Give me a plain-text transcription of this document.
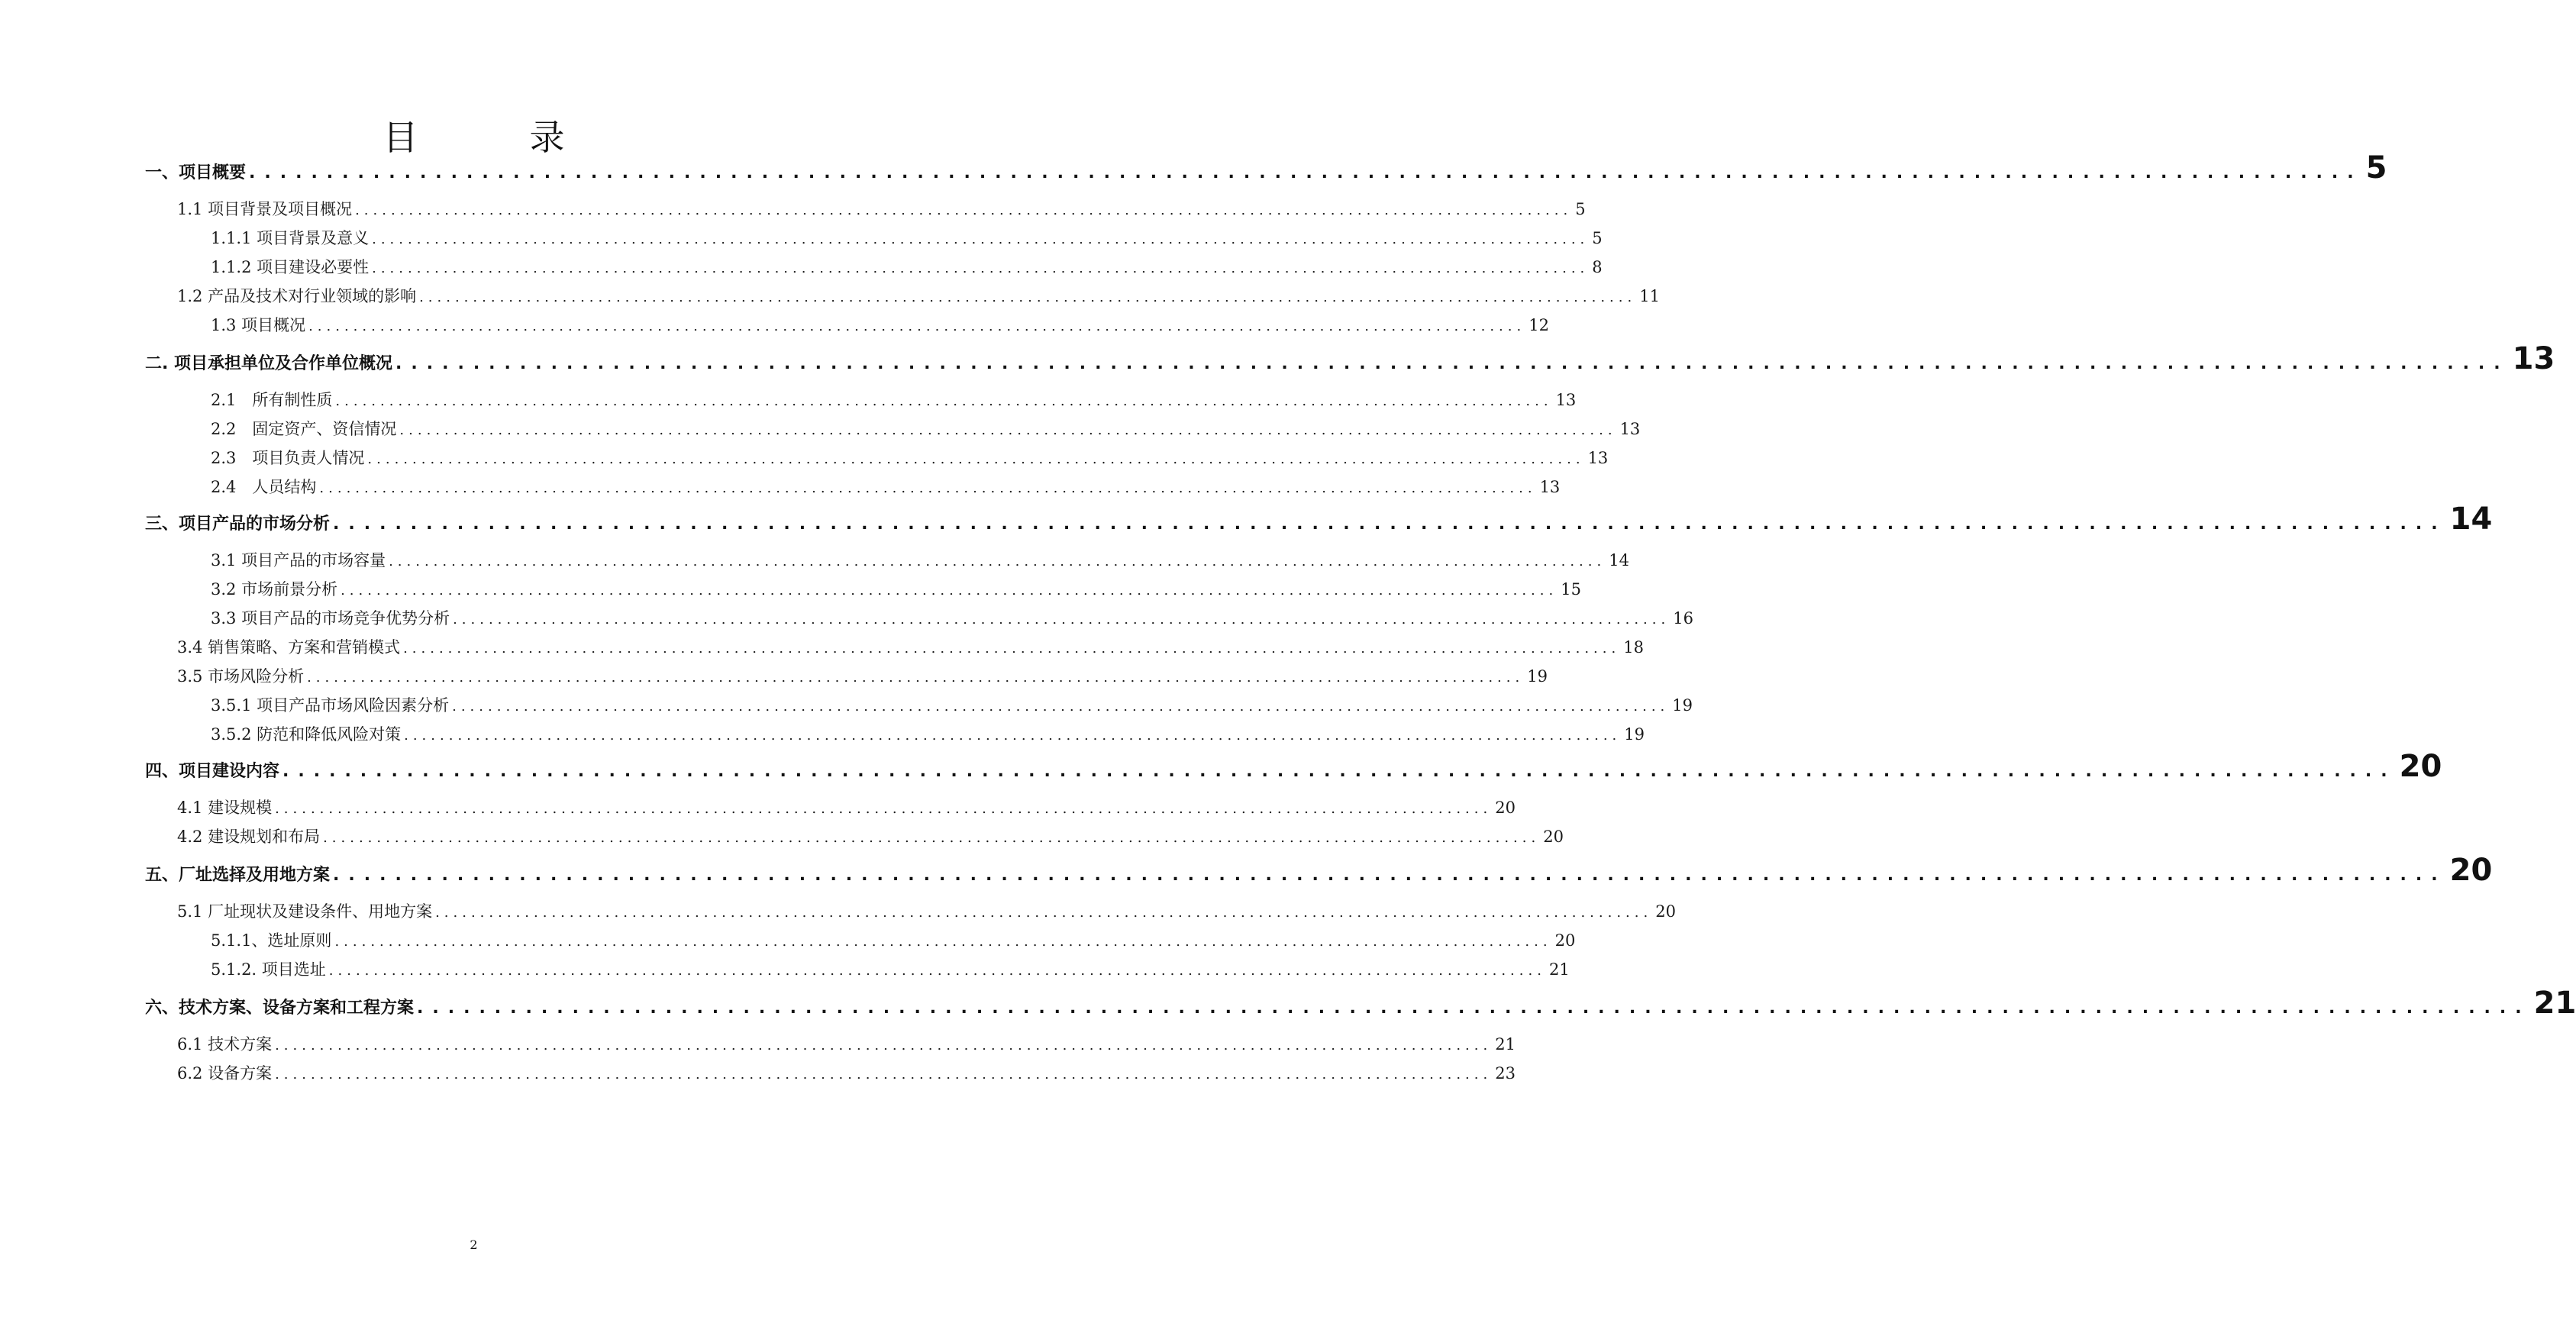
目　录
一、项目概要 ........................................................................................................................................ 5
1.1 项目背景及项目概况 ........................................................................................................................................ 5
1.1.1 项目背景及意义 ........................................................................................................................................ 5
1.1.2 项目建设必要性 ........................................................................................................................................ 8
1.2 产品及技术对行业领域的影响 ........................................................................................................................................ 11
1.3 项目概况 ........................................................................................................................................ 12
二. 项目承担单位及合作单位概况 ........................................................................................................................................ 13
2.1　所有制性质 ........................................................................................................................................ 13
2.2　固定资产、资信情况 ........................................................................................................................................ 13
2.3　项目负责人情况 ........................................................................................................................................ 13
2.4　人员结构 ........................................................................................................................................ 13
三、项目产品的市场分析 ........................................................................................................................................ 14
3.1 项目产品的市场容量 ........................................................................................................................................ 14
3.2 市场前景分析 ........................................................................................................................................ 15
3.3 项目产品的市场竞争优势分析 ........................................................................................................................................ 16
3.4 销售策略、方案和营销模式 ........................................................................................................................................ 18
3.5 市场风险分析 ........................................................................................................................................ 19
3.5.1 项目产品市场风险因素分析 ........................................................................................................................................ 19
3.5.2 防范和降低风险对策 ........................................................................................................................................ 19
四、项目建设内容 ........................................................................................................................................ 20
4.1 建设规模 ........................................................................................................................................ 20
4.2 建设规划和布局 ........................................................................................................................................ 20
五、厂址选择及用地方案 ........................................................................................................................................ 20
5.1 厂址现状及建设条件、用地方案 ........................................................................................................................................ 20
5.1.1、选址原则 ........................................................................................................................................ 20
5.1.2. 项目选址 ........................................................................................................................................ 21
六、技术方案、设备方案和工程方案 ........................................................................................................................................ 21
6.1 技术方案 ........................................................................................................................................ 21
6.2 设备方案 ........................................................................................................................................ 23
2
